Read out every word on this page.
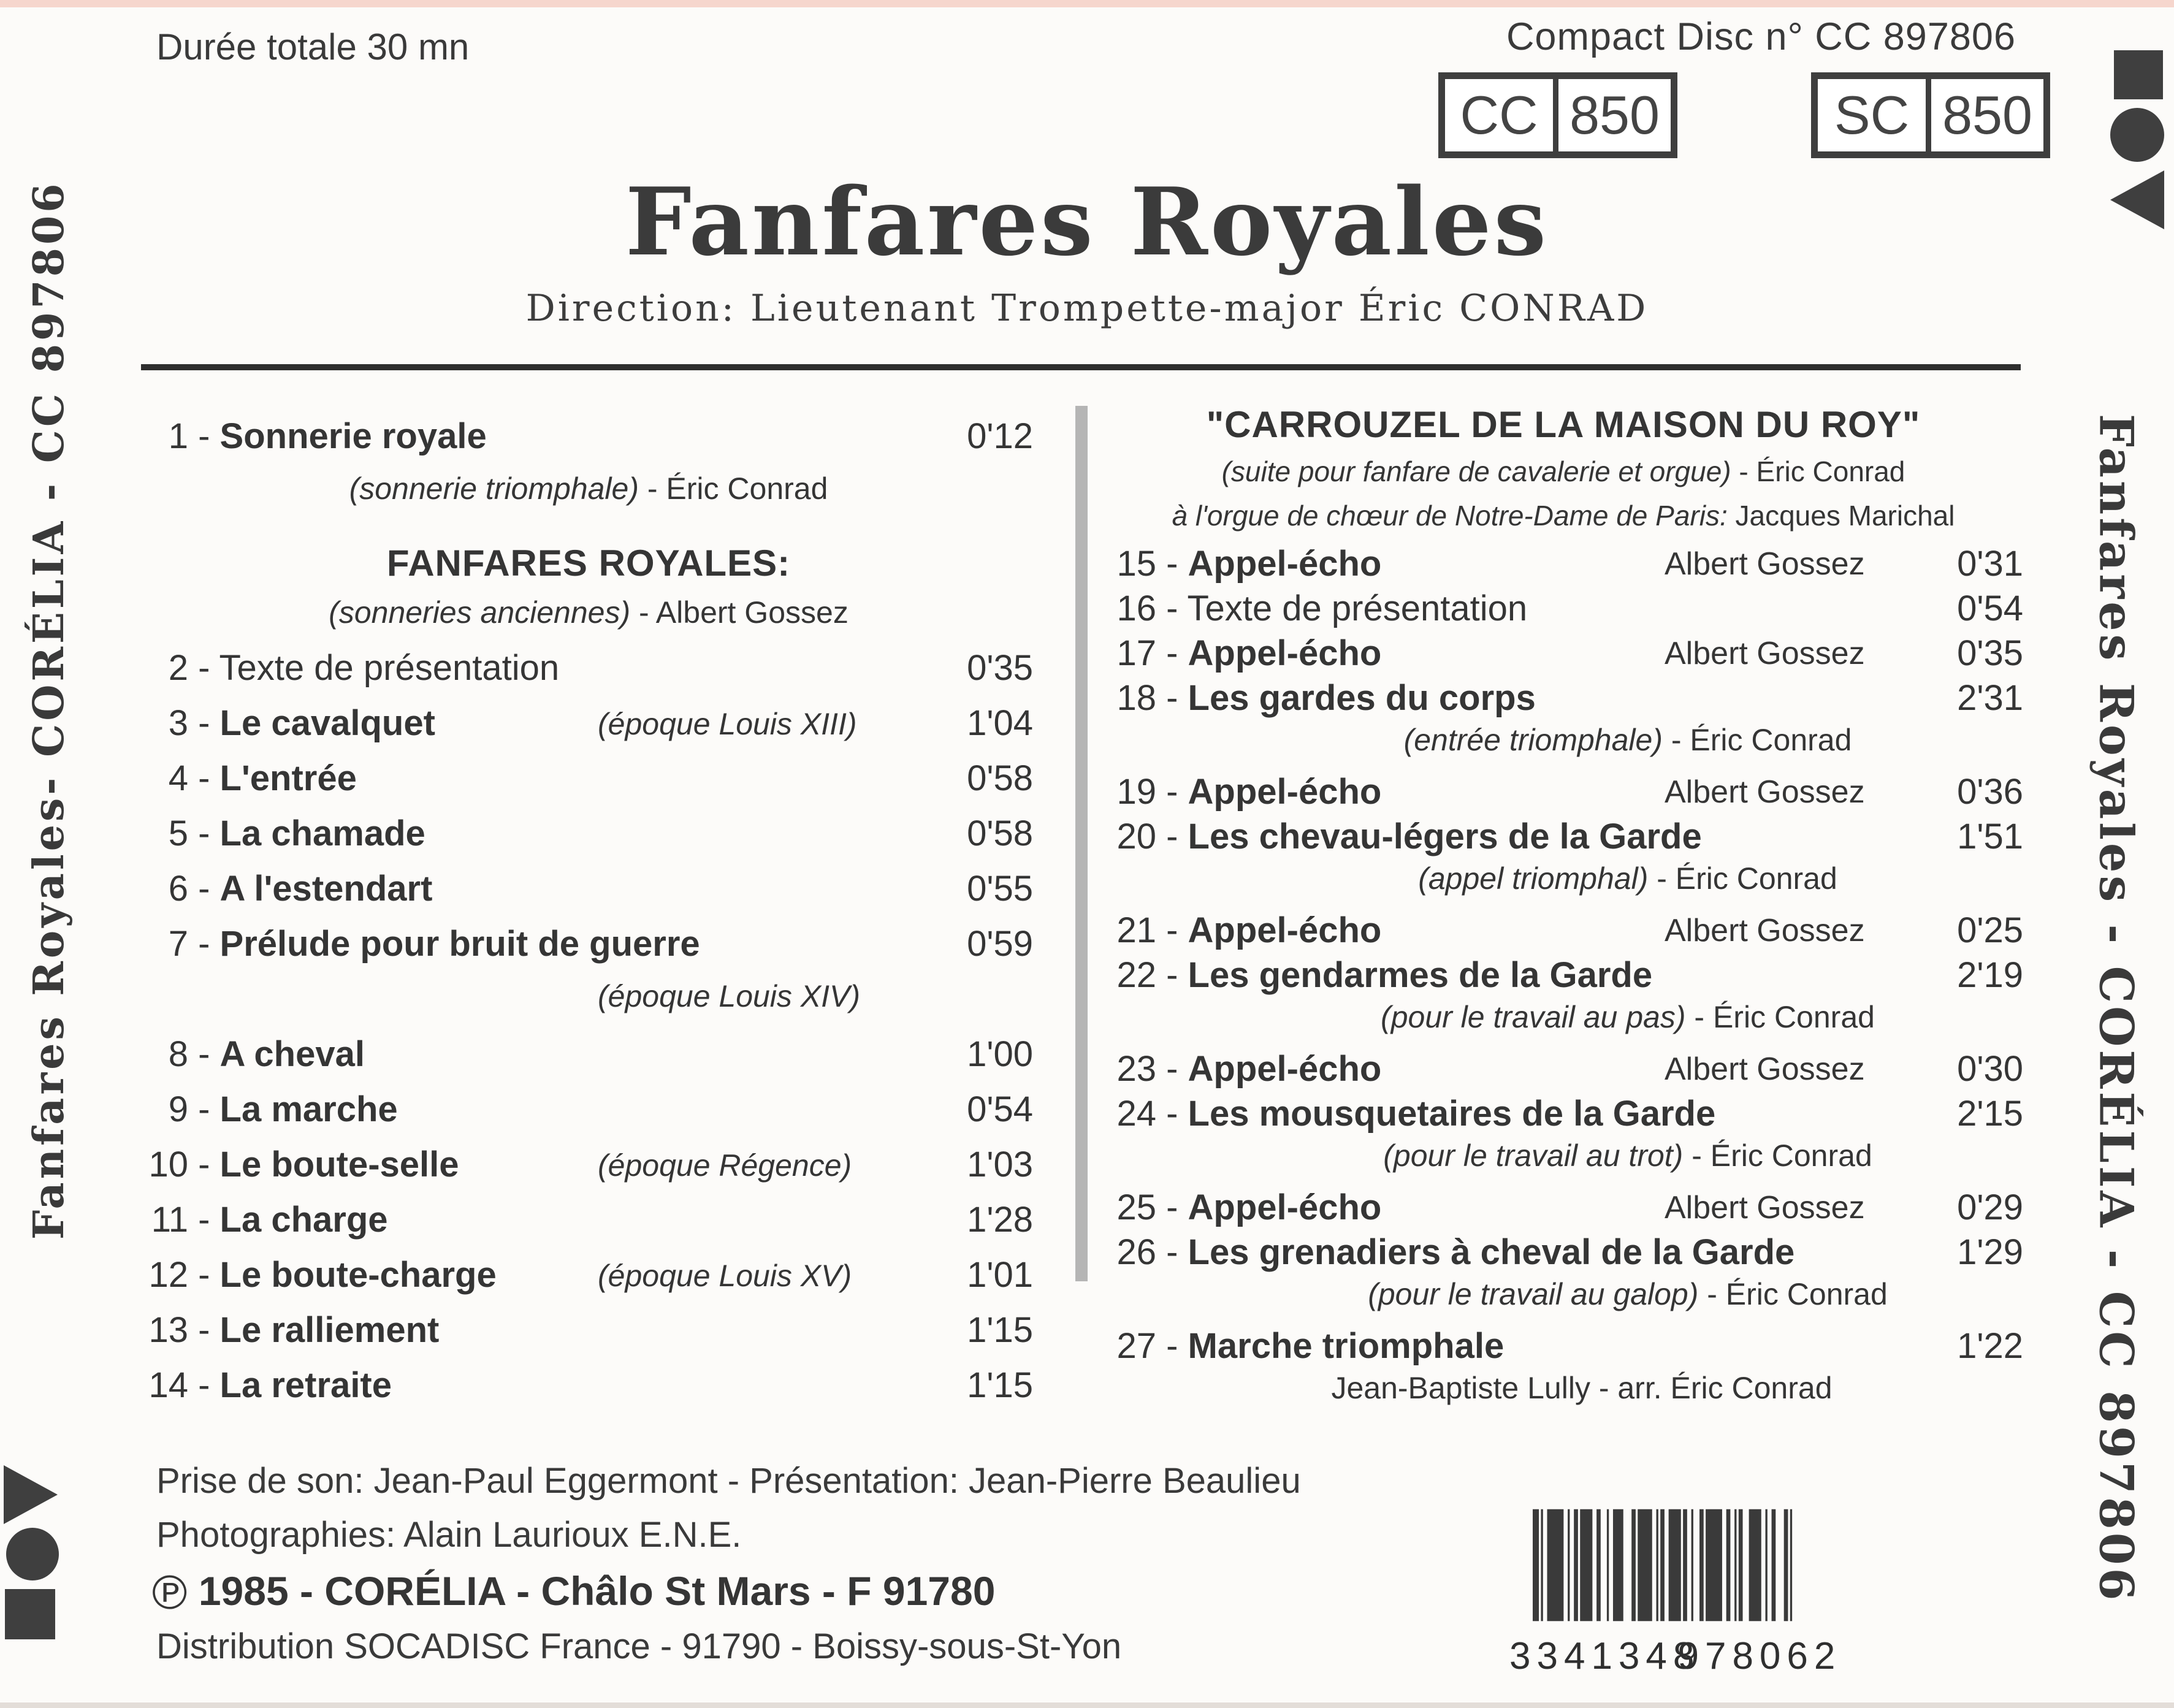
Durée totale 30 mn	Compact Disc n° CC 897806
CC 850	SC 850
Fanfares Royales
Direction: Lieutenant Trompette-major Éric CONRAD
1 - Sonnerie royale	0'12
(sonnerie triomphale) - Éric Conrad
FANFARES ROYALES:
(sonneries anciennes) - Albert Gossez
2 - Texte de présentation	0'35
3 - Le cavalquet	(époque Louis XIII)	1'04
4 - L'entrée	0'58
5 - La chamade	0'58
6 - A l'estendart	0'55
7 - Prélude pour bruit de guerre	0'59
(époque Louis XIV)
8 - A cheval	1'00
9 - La marche	0'54
10 - Le boute-selle	(époque Régence)	1'03
11 - La charge	1'28
12 - Le boute-charge	(époque Louis XV)	1'01
13 - Le ralliement	1'15
14 - La retraite	1'15
"CARROUZEL DE LA MAISON DU ROY"
(suite pour fanfare de cavalerie et orgue) - Éric Conrad
à l'orgue de chœur de Notre-Dame de Paris: Jacques Marichal
15 - Appel-écho	Albert Gossez	0'31
16 - Texte de présentation	0'54
17 - Appel-écho	Albert Gossez	0'35
18 - Les gardes du corps	2'31
(entrée triomphale) - Éric Conrad
19 - Appel-écho	Albert Gossez	0'36
20 - Les chevau-légers de la Garde	1'51
(appel triomphal) - Éric Conrad
21 - Appel-écho	Albert Gossez	0'25
22 - Les gendarmes de la Garde	2'19
(pour le travail au pas) - Éric Conrad
23 - Appel-écho	Albert Gossez	0'30
24 - Les mousquetaires de la Garde	2'15
(pour le travail au trot) - Éric Conrad
25 - Appel-écho	Albert Gossez	0'29
26 - Les grenadiers à cheval de la Garde	1'29
(pour le travail au galop) - Éric Conrad
27 - Marche triomphale	1'22
Jean-Baptiste Lully - arr. Éric Conrad
Prise de son: Jean-Paul Eggermont - Présentation: Jean-Pierre Beaulieu
Photographies: Alain Laurioux E.N.E.
℗ 1985 - CORÉLIA - Châlo St Mars - F 91780
Distribution SOCADISC France - 91790 - Boissy-sous-St-Yon	3 341348
978062
Fanfares Royales- CORÉLIA - CC 897806	Fanfares Royales - CORÉLIA - CC 897806
